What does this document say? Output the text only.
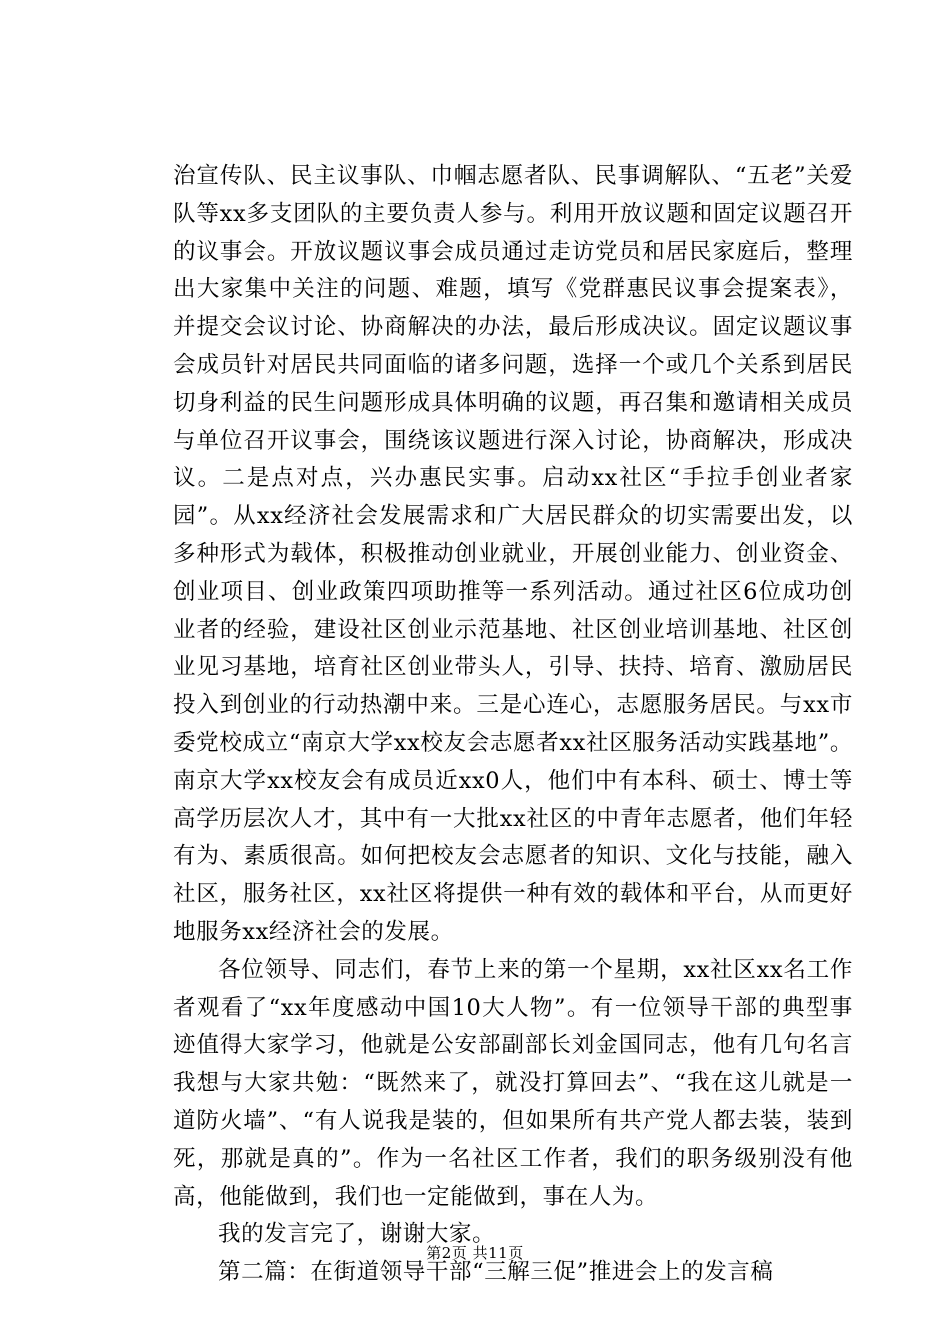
治宣传队、民主议事队、巾帼志愿者队、民事调解队、“五老”关爱队等xx多支团队的主要负责人参与。利用开放议题和固定议题召开的议事会。开放议题议事会成员通过走访党员和居民家庭后，整理出大家集中关注的问题、难题，填写《党群惠民议事会提案表》，并提交会议讨论、协商解决的办法，最后形成决议。固定议题议事会成员针对居民共同面临的诸多问题，选择一个或几个关系到居民切身利益的民生问题形成具体明确的议题，再召集和邀请相关成员与单位召开议事会，围绕该议题进行深入讨论，协商解决，形成决议。二是点对点，兴办惠民实事。启动xx社区“手拉手创业者家园”。从xx经济社会发展需求和广大居民群众的切实需要出发，以多种形式为载体，积极推动创业就业，开展创业能力、创业资金、创业项目、创业政策四项助推等一系列活动。通过社区6位成功创业者的经验，建设社区创业示范基地、社区创业培训基地、社区创业见习基地，培育社区创业带头人，引导、扶持、培育、激励居民投入到创业的行动热潮中来。三是心连心，志愿服务居民。与xx市委党校成立“南京大学xx校友会志愿者xx社区服务活动实践基地”。南京大学xx校友会有成员近xx0人，他们中有本科、硕士、博士等高学历层次人才，其中有一大批xx社区的中青年志愿者，他们年轻有为、素质很高。如何把校友会志愿者的知识、文化与技能，融入社区，服务社区，xx社区将提供一种有效的载体和平台，从而更好地服务xx经济社会的发展。

各位领导、同志们，春节上来的第一个星期，xx社区xx名工作者观看了“xx年度感动中国10大人物”。有一位领导干部的典型事迹值得大家学习，他就是公安部副部长刘金国同志，他有几句名言我想与大家共勉：“既然来了，就没打算回去”、“我在这儿就是一道防火墙”、“有人说我是装的，但如果所有共产党人都去装，装到死，那就是真的”。作为一名社区工作者，我们的职务级别没有他高，他能做到，我们也一定能做到，事在人为。

我的发言完了，谢谢大家。

第二篇：在街道领导干部“三解三促”推进会上的发言稿

第2页 共11页
